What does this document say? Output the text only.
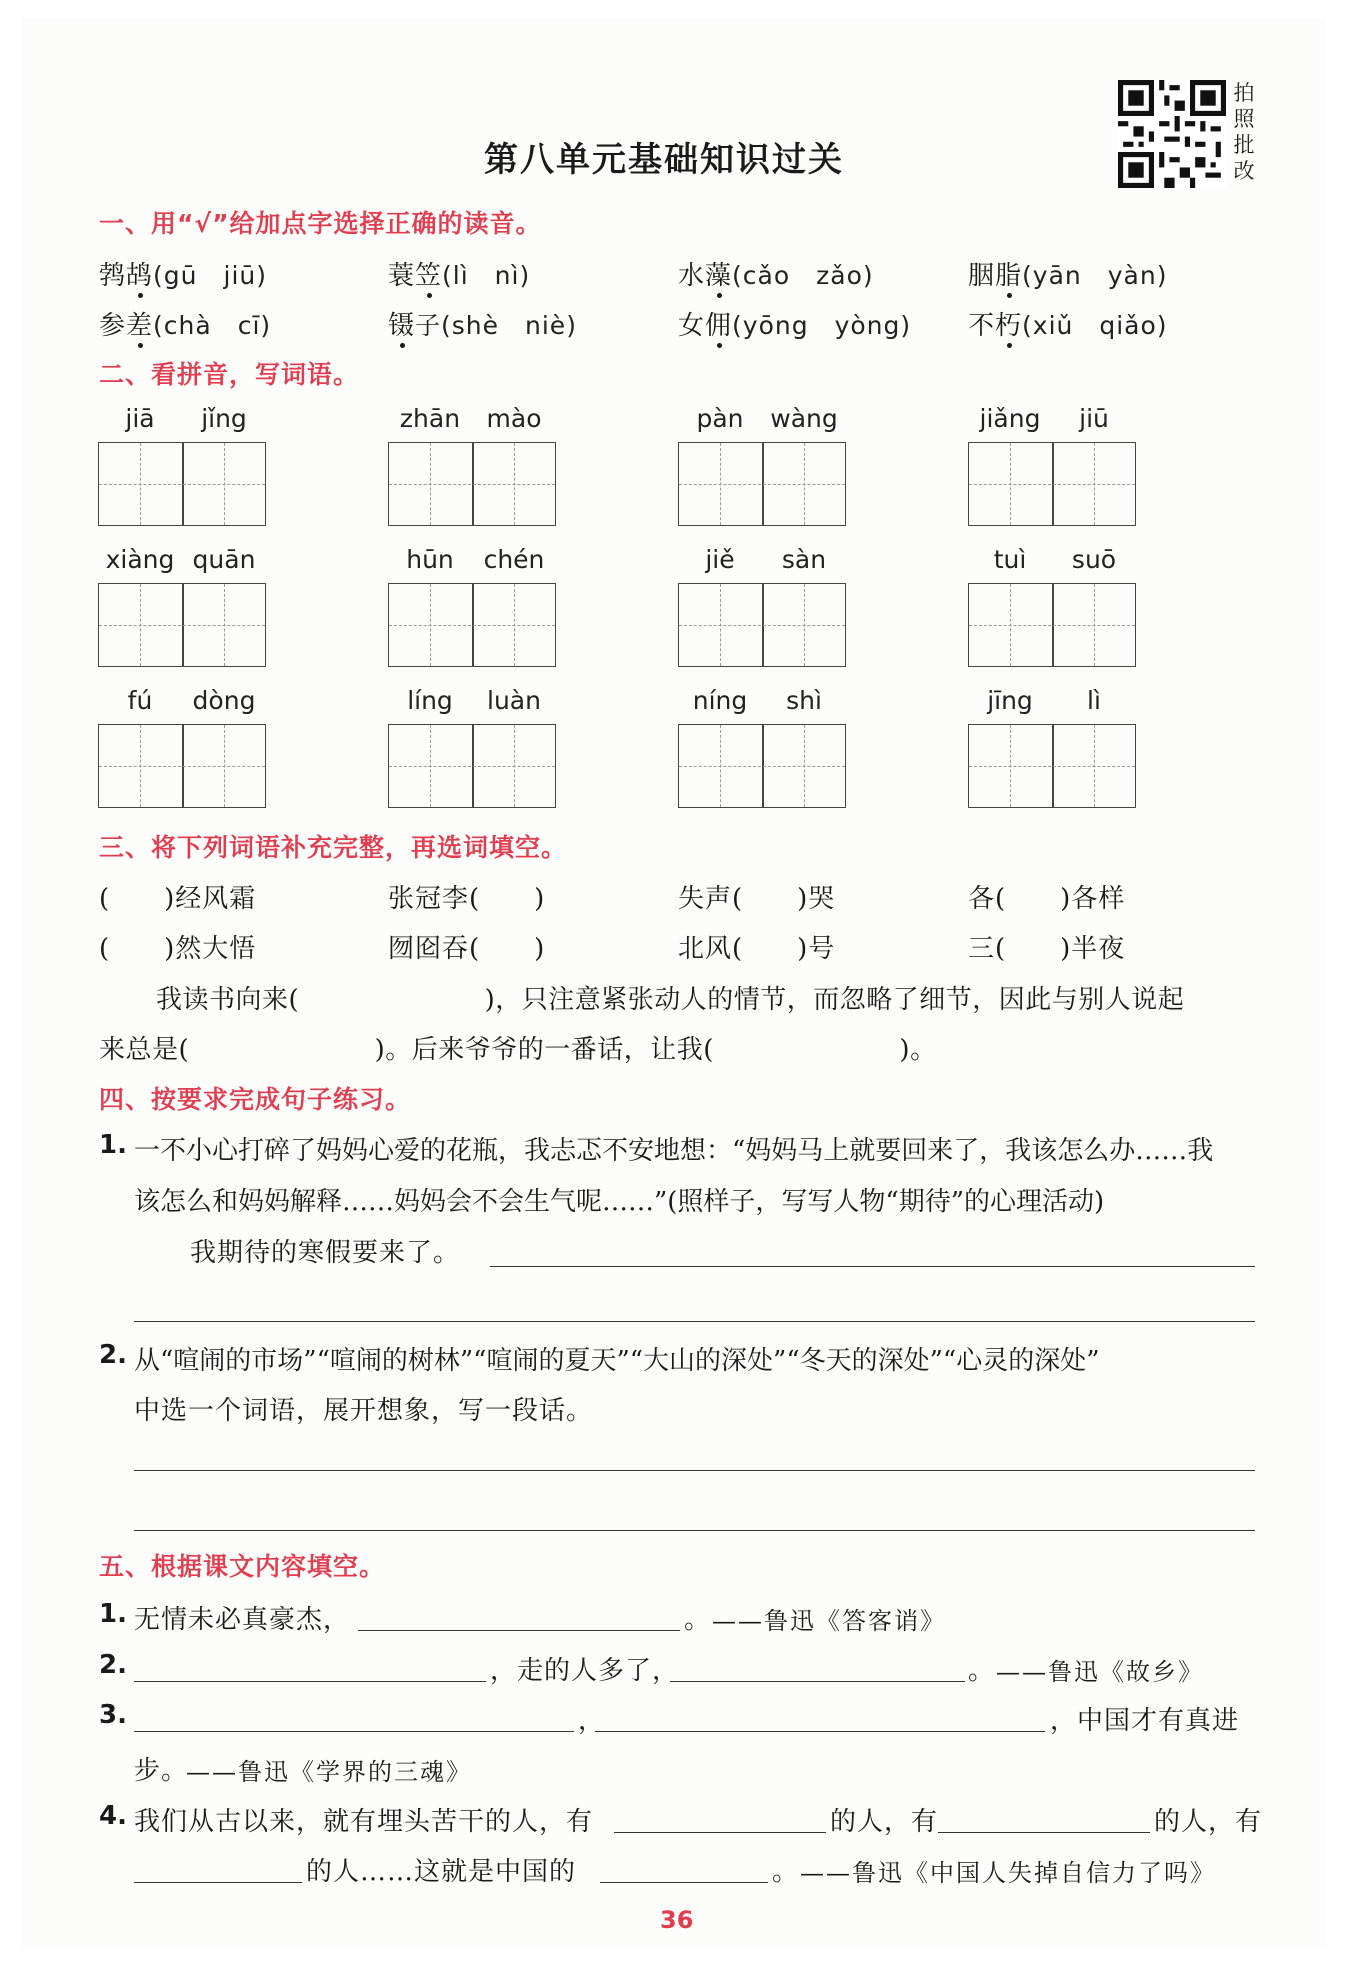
第八单元基础知识过关
拍
照
批
改
一、用“√”给加点字选择正确的读音。
鹁鸪(gū　jiū)	蓑笠(lì　nì)	水藻(cǎo　zǎo)	胭脂(yān　yàn)
参差(chà　cī)	镊子(shè　niè)	女佣(yōng　yòng) 不朽(xiǔ　qiǎo)
二、看拼音，写词语。
jiā jǐng	zhān mào	pàn wàng	jiǎng jiū
xiàng quān	hūn chén	jiě sàn	tuì suō
fú dòng	líng luàn	níng shì	jīng lì
三、将下列词语补充完整，再选词填空。
(　　)经风霜	张冠李(　　)	失声(　　)哭	各(　　)各样
(　　)然大悟	囫囵吞(　　)	北风(　　)号	三(　　)半夜
我读书向来(　　　　　　　)，只注意紧张动人的情节，而忽略了细节，因此与别人说起
来总是(　　　　　　　)。后来爷爷的一番话，让我(　　　　　　　)。
四、按要求完成句子练习。
1. 一不小心打碎了妈妈心爱的花瓶，我忐忑不安地想：“妈妈马上就要回来了，我该怎么办……我
该怎么和妈妈解释……妈妈会不会生气呢……”(照样子，写写人物“期待”的心理活动)
我期待的寒假要来了。
2. 从“喧闹的市场”“喧闹的树林”“喧闹的夏天”“大山的深处”“冬天的深处”“心灵的深处”
中选一个词语，展开想象，写一段话。
五、根据课文内容填空。
1. 无情未必真豪杰，	。 ——鲁迅《答客诮》
2.	，走的人多了，	。 ——鲁迅《故乡》
3.	，	，中国才有真进
步。
——鲁迅《学界的三魂》
4. 我们从古以来，就有埋头苦干的人，有	的人，有	的人，有
的人……这就是中国的	。 ——鲁迅《中国人失掉自信力了吗》
36
